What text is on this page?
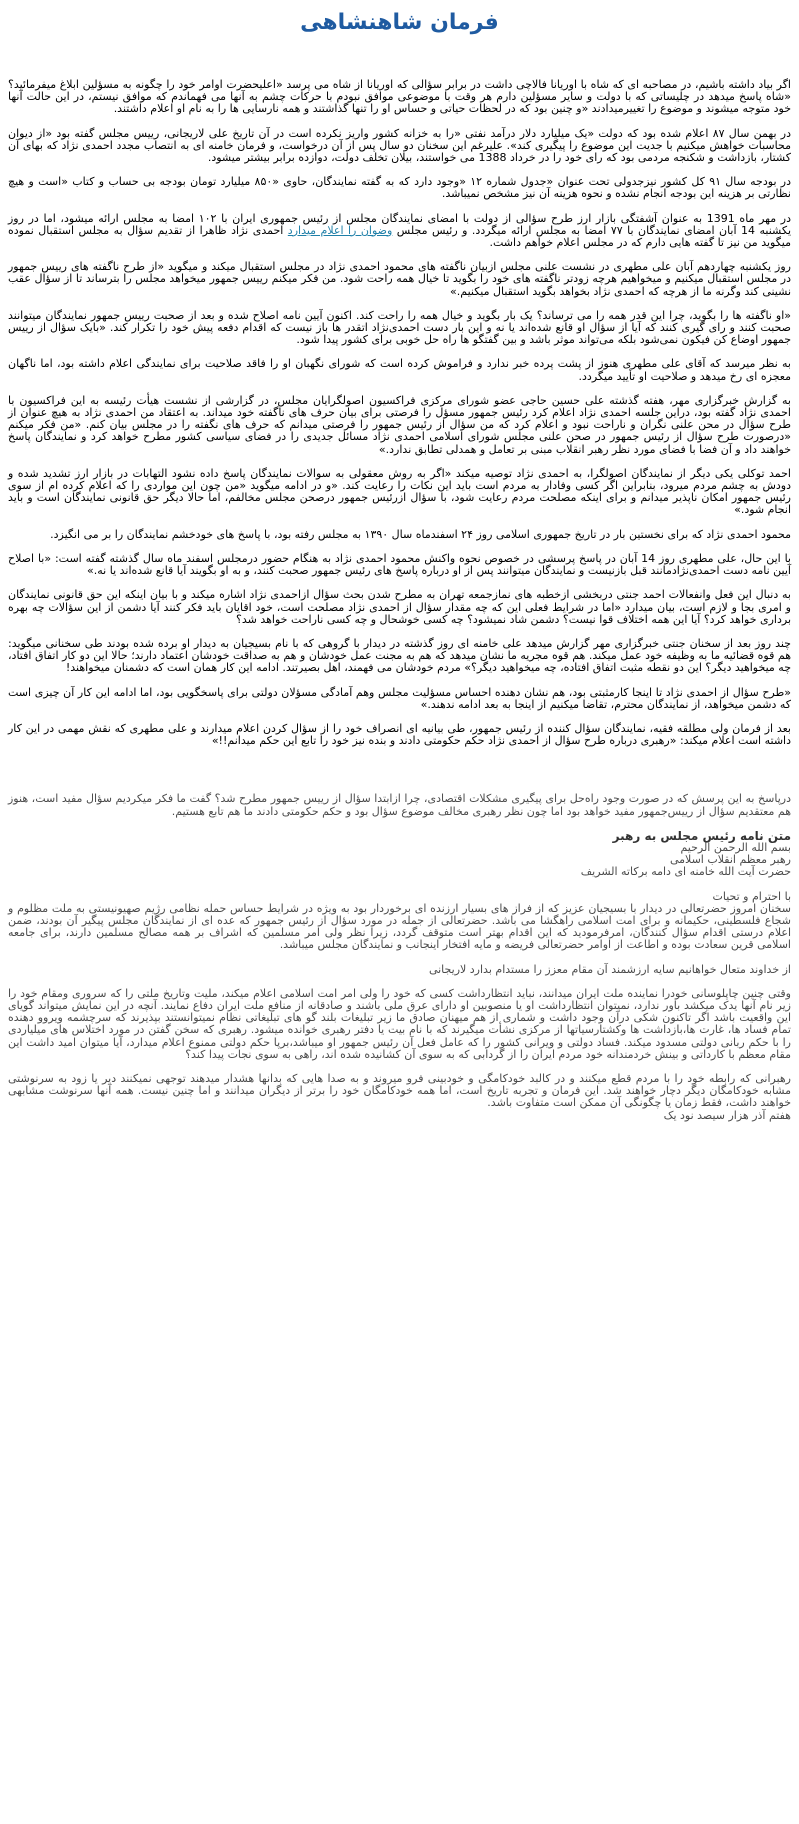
فرمان شاهنشاهی

اگر بیاد داشته باشیم، در مصاحبه ای که شاه با اوریانا فالاچی داشت در برابر سؤالی که اوریانا از شاه می پرسد «اعلیحضرت اوامر خود را چگونه به مسؤلین ابلاغ میفرمائید؟ «شاه پاسخ میدهد در چلیساتی که با دولت و سایر مسؤلین دارم هر وقت با موضوعی موافق نبودم با حرکات چشم به آنها می فهماندم که موافق نیستم، در این حالت آنها خود متوجه میشوند و موضوع را تغییرمیدادند «و چنین بود که در لحظات حیاتی و حساس او را تنها گذاشتند و همه نارسایی ها را به نام او اعلام داشتند.

در بهمن سال ۸۷ اعلام شده بود که دولت «یک میلیارد دلار درآمد نفتی «را به خزانه کشور واریز نکرده است در آن تاریخ علی لاریجانی، رییس مجلس گفته بود «از دیوان محاسبات خواهش میکنیم با جدیت این موضوع را پیگیری کند». علیرغم این سخنان دو سال پس از آن درخواست، و فرمان خامنه ای به انتصاب مجدد احمدی نژاد که بهای آن کشتار، بازداشت و شکنجه مردمی بود که رای خود را در خرداد 1388 می خواستند، بیلان تخلف دولت، دوازده برابر بیشتر میشود.

در بودجه سال ۹۱ کل کشور نیزجدولی تحت عنوان «جدول شماره ۱۲ «وجود دارد که به گفته نمایندگان، حاوی «۸۵۰ میلیارد تومان بودجه بی حساب و کتاب «است و هیچ نظارتی بر هزینه این بودجه انجام نشده و نحوه هزینه آن نیز مشخص نمیباشد.

در مهر ماه 1391 به عنوان آشفتگی بازار ارز طرح سؤالی از دولت با امضای نمایندگان مجلس از رئیس جمهوری ایران با ۱۰۲ امضا به مجلس ارائه میشود، اما در روز یکشنبه 14 آبان امضای نمایندگان با ۷۷ امضا به مجلس ارائه میگردد. و رئیس مجلس وضوان را اعلام میدارد احمدی نژاد ظاهرا از تقدیم سؤال به مجلس استقبال نموده میگوید من نیز تا گفته هایی دارم که در مجلس اعلام خواهم داشت.

روز یکشنبه چهاردهم آبان علی مطهری در نشست علنی مجلس ازبیان ناگفته های محمود احمدی نژاد در مجلس استقبال میکند و میگوید «از طرح ناگفته های رییس جمهور در مجلس استقبال میکنیم و میخواهیم هرچه زودتر ناگفته های خود را بگوید تا خیال همه راحت شود. من فکر میکنم رییس جمهور میخواهد مجلس را بترساند تا از سؤال عقب نشینی کند وگرنه ما از هرچه که احمدی نژاد بخواهد بگوید استقبال میکنیم.»

«او ناگفته ها را بگوید، چرا این قدر همه را می ترساند؟ یک بار بگوید و خیال همه را راحت کند. اکنون آیین نامه اصلاح شده و بعد از صحبت رییس جمهور نمایندگان میتوانند صحبت کنند و رای گیری کنند که آیا از سؤال او قانع شده‌اند یا نه و این بار دست احمدی‌نژاد اتقدر ها باز نیست که اقدام دفعه پیش خود را تکرار کند. «بایک سؤال از رییس جمهور اوضاع کن فیکون نمی‌شود بلکه می‌تواند موثر باشد و بین گفتگو ها راه حل خوبی برای کشور پیدا شود.

به نظر میرسد که آقای علی مطهری هنوز از پشت پرده خبر ندارد و فراموش کرده است که شورای نگهبان او را فاقد صلاحیت برای نمایندگی اعلام داشته بود، اما ناگهان معجزه ای رخ میدهد و صلاحیت او تأیید میگردد.

به گزارش خبرگزاری مهر، هفته گذشته علی حسین حاجی عضو شورای مرکزی فراکسیون اصولگرایان مجلس، در گزارشی از نشست هیأت رئیسه به این فراکسیون با احمدی نژاد گفته بود، دراین جلسه احمدی نژاد اعلام کرد رئیس جمهور مسؤل را فرصتی برای بیان حرف های ناگفته خود میداند. به اعتقاد من احمدی نژاد به هیچ عنوان از طرح سؤال در محن علنی نگران و ناراحت نبود و اعلام کرد که من سؤال از رئیس جمهور را فرصتی میدانم که حرف های نگفته را در مجلس بیان کنم. «من فکر میکنم «درصورت طرح سؤال از رئیس جمهور در صحن علنی مجلس شورای اسلامی احمدی نژاد مسائل جدیدی را در فضای سیاسی کشور مطرح خواهد کرد و نمایندگان پاسخ خواهند داد و آن فضا با فضای مورد نظر رهبر انقلاب مبنی بر تعامل و همدلی تطابق ندارد.»

احمد توکلی یکی دیگر از نمایندگان اصولگرا، به احمدی نژاد توصیه میکند «اگر به روش معقولی به سوالات نمایندگان پاسخ داده نشود التهابات در بازار ارز تشدید شده و دودش به چشم مردم میرود، بنابراین اگر کسی وفادار به مردم است باید این نکات را رعایت کند. «و در ادامه میگوید «من چون این مواردی را که اعلام کرده ام از سوی رئیس جمهور امکان ناپذیر میدانم و برای اینکه مصلحت مردم رعایت شود، با سؤال ازرئیس جمهور درصحن مجلس مخالفم، اما حالا دیگر حق قانونی نمایندگان است و باید انجام شود.»

محمود احمدی نژاد که برای نخستین بار در تاریخ جمهوری اسلامی روز ۲۴ اسفندماه سال ۱۳۹۰ به مجلس رفته بود، با پاسخ های خودخشم نمایندگان را بر می انگیزد.

با این حال، علی مطهری روز 14 آبان در پاسخ پرسشی در خصوص نحوه واکنش محمود احمدی نژاد به هنگام حضور درمجلس اسفند ماه سال گذشته گفته است: «با اصلاح آیین نامه دست احمدی‌نژادمانند قبل بازنیست و نمایندگان میتوانند پس از او درباره پاسخ های رئیس جمهور صحبت کنند، و به او بگویند آیا قانع شده‌اند یا نه.»

به دنبال این فعل وانفعالات احمد جنتی دربخشی ازخطبه های نمازجمعه تهران به مطرح شدن بحث سؤال ازاحمدی نژاد اشاره میکند و با بیان اینکه این حق قانونی نمایندگان و امری بجا و لازم است، بیان میدارد «اما در شرایط فعلی این که چه مقدار سؤال از احمدی نژاد مصلحت است، خود اقایان باید فکر کنند آیا دشمن از این سؤالات چه بهره برداری خواهد کرد؟ آیا این همه اختلاف قوا نیست؟ دشمن شاد نمیشود؟ چه کسی خوشحال و چه کسی ناراحت خواهد شد؟

چند روز بعد از سخنان جنتی خبرگزاری مهر گزارش میدهد علی خامنه ای روز گذشته در دیدار با گروهی که با نام بسیجیان به دیدار او برده شده بودند طی سخنانی میگوید: هم قوه قضائیه ما به وظیفه خود عمل میکند. هم قوه مجریه ما نشان میدهد که هم به مجنت عمل خودشان و هم به صداقت خودشان اعتماد دارند؛ حالا این دو کار اتفاق افتاد، چه میخواهید دیگر؟ این دو نقطه مثبت اتفاق افتاده، چه میخواهید دیگر؟» مردم خودشان می فهمند، اهل بصیرتند. ادامه این کار همان است که دشمنان میخواهند!

«طرح سؤال از احمدی نژاد تا اینجا کارمثبتی بود، هم نشان دهنده احساس مسؤلیت مجلس وهم آمادگی مسؤلان دولتی برای پاسخگویی بود، اما ادامه این کار آن چیزی است که دشمن میخواهد، از نمایندگان محترم، تقاضا میکنیم از اینجا به بعد ادامه ندهند.»

بعد از فرمان ولی مطلقه فقیه، نمایندگان سؤال کننده از رئیس جمهور، طی بیانیه ای انصراف خود را از سؤال کردن اعلام میدارند و علی مطهری که نقش مهمی در این کار داشته است اعلام میکند: «رهبری درباره طرح سؤال از احمدی نژاد حکم حکومتی دادند و بنده نیز خود را تابع این حکم میدانم!!»

درپاسخ به این پرسش که در صورت وجود راه‌حل برای پیگیری مشکلات اقتصادی، چرا ازابتدا سؤال از رییس جمهور مطرح شد؟ گفت ما فکر میکردیم سؤال مفید است، هنوز هم معتقدیم سؤال از رییس‌جمهور مفید خواهد بود اما چون نظر رهبری مخالف موضوع سؤال بود و حکم حکومتی دادند ما هم تابع هستیم.

متن نامه رئیس مجلس به رهبر

بسم الله الرحمن الرحیم
رهبر معظم انقلاب اسلامی
حضرت آیت الله خامنه ای دامه برکاته الشریف

با احترام و تحیات
سخنان امروز حضرتعالی در دیدار با بسیجیان عزیز که از فراز های بسیار ارزنده ای برخوردار بود به ویژه در شرایط حساس حمله نظامی رژیم صهیونیستی به ملت مظلوم و شجاع فلسطینی، حکیمانه و برای امت اسلامی راهگشا می باشد. حضرتعالی از جمله در مورد سؤال از رئیس جمهور که عده ای از نمایندگان مجلس پیگیر آن بودند، ضمن اعلام درستی اقدام سؤال کنندگان، امرفرمودید که این اقدام بهتر است متوقف گردد، زیرا نظر ولی امر مسلمین که اشراف بر همه مصالح مسلمین دارند، برای جامعه اسلامی قرین سعادت بوده و اطاعت از اوامر حضرتعالی فریضه و مایه افتخار اینجانب و نمایندگان مجلس میباشد.

از خداوند متعال خواهانیم سایه ارزشمند آن مقام معزز را مستدام بدارد لاریجانی

وقتی چنین چاپلوسانی خودرا نماینده ملت ایران میدانند، نباید انتظارداشت کسی که خود را ولی امر امت اسلامی اعلام میکند، ملیت وتاریخ ملتی را که سروری ومقام خود را زیر نام آنها یدک میکشد باور ندارد، نمیتوان انتظارداشت او یا منصوبین او دارای عرق ملی باشند و صادقانه از منافع ملت ایران دفاع نمایند. آنچه در این نمایش میتواند گویای این واقعیت باشد اگر تاکنون شکی درآن وجود داشت و شماری از هم میهنان صادق ما زیر تبلیغات بلند گو های تبلیغاتی نظام نمیتوانستند بپذیرند که سرچشمه ویروو دهنده تمام فساد ها، غارت ها،بازداشت ها وکشتارسیاتها از مرکزی نشأت میگیرند که با نام بیت یا دفتر رهبری خوانده میشود. رهبری که سخن گفتن در مورد اختلاس های میلیاردی را با حکم ربانی دولتی مسدود میکند. فساد دولتی و ویرانی کشور را که عامل فعل آن رئیس جمهور او میباشد،برپا حکم دولتی ممنوع اعلام میدارد، آیا میتوان امید داشت این مقام معظم با کارداتی و بینش خردمندانه خود مردم ایران را از گردابی که به سوی آن کشانیده شده اند، راهی به سوی نجات پیدا کند؟

رهبرانی که رابطه خود را با مردم قطع میکنند و در کالبد خودکامگی و خودبینی فرو میروند و به صدا هایی که بدانها هشدار میدهند توجهی نمیکنند دیر یا زود به سرنوشتی مشابه خودکامگان دیگر دچار خواهند شد. این فرمان و تجربه تاریخ است، اما همه خودکامگان خود را برتر از دیگران میدانند و اما چنین نیست. همه آنها سرنوشت مشابهی خواهند داشت، فقط زمان یا چگونگی آن ممکن است متفاوت باشد.
هفتم آذر هزار سیصد نود یک
